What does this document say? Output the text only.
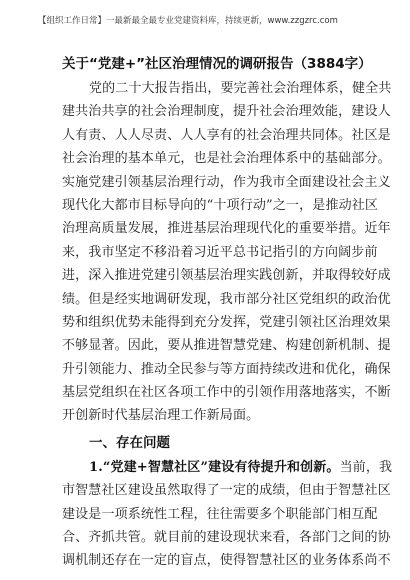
【组织工作日常】一最新最全最专业党建资料库，持续更新，www.zzgzrc.com
关于“党建+”社区治理情况的调研报告（3884字）
党的二十大报告指出，要完善社会治理体系，健全共
建共治共享的社会治理制度，提升社会治理效能，建设人
人有责、人人尽责、人人享有的社会治理共同体。社区是
社会治理的基本单元，也是社会治理体系中的基础部分。
实施党建引领基层治理行动，作为我市全面建设社会主义
现代化大都市目标导向的“十项行动”之一，是推动社区
治理高质量发展，推进基层治理现代化的重要举措。近年
来，我市坚定不移沿着习近平总书记指引的方向阔步前
进，深入推进党建引领基层治理实践创新，并取得较好成
绩。但是经实地调研发现，我市部分社区党组织的政治优
势和组织优势未能得到充分发挥，党建引领社区治理效果
不够显著。因此，要从推进智慧党建、构建创新机制、提
升引领能力、推动全民参与等方面持续改进和优化，确保
基层党组织在社区各项工作中的引领作用落地落实，不断
开创新时代基层治理工作新局面。
一、存在问题
1.“党建+智慧社区”建设有待提升和创新。当前，我
市智慧社区建设虽然取得了一定的成绩，但由于智慧社区
建设是一项系统性工程，往往需要多个职能部门相互配
合、齐抓共管。就目前的建设现状来看，各部门之间的协
调机制还存在一定的盲点，使得智慧社区的业务体系尚不
